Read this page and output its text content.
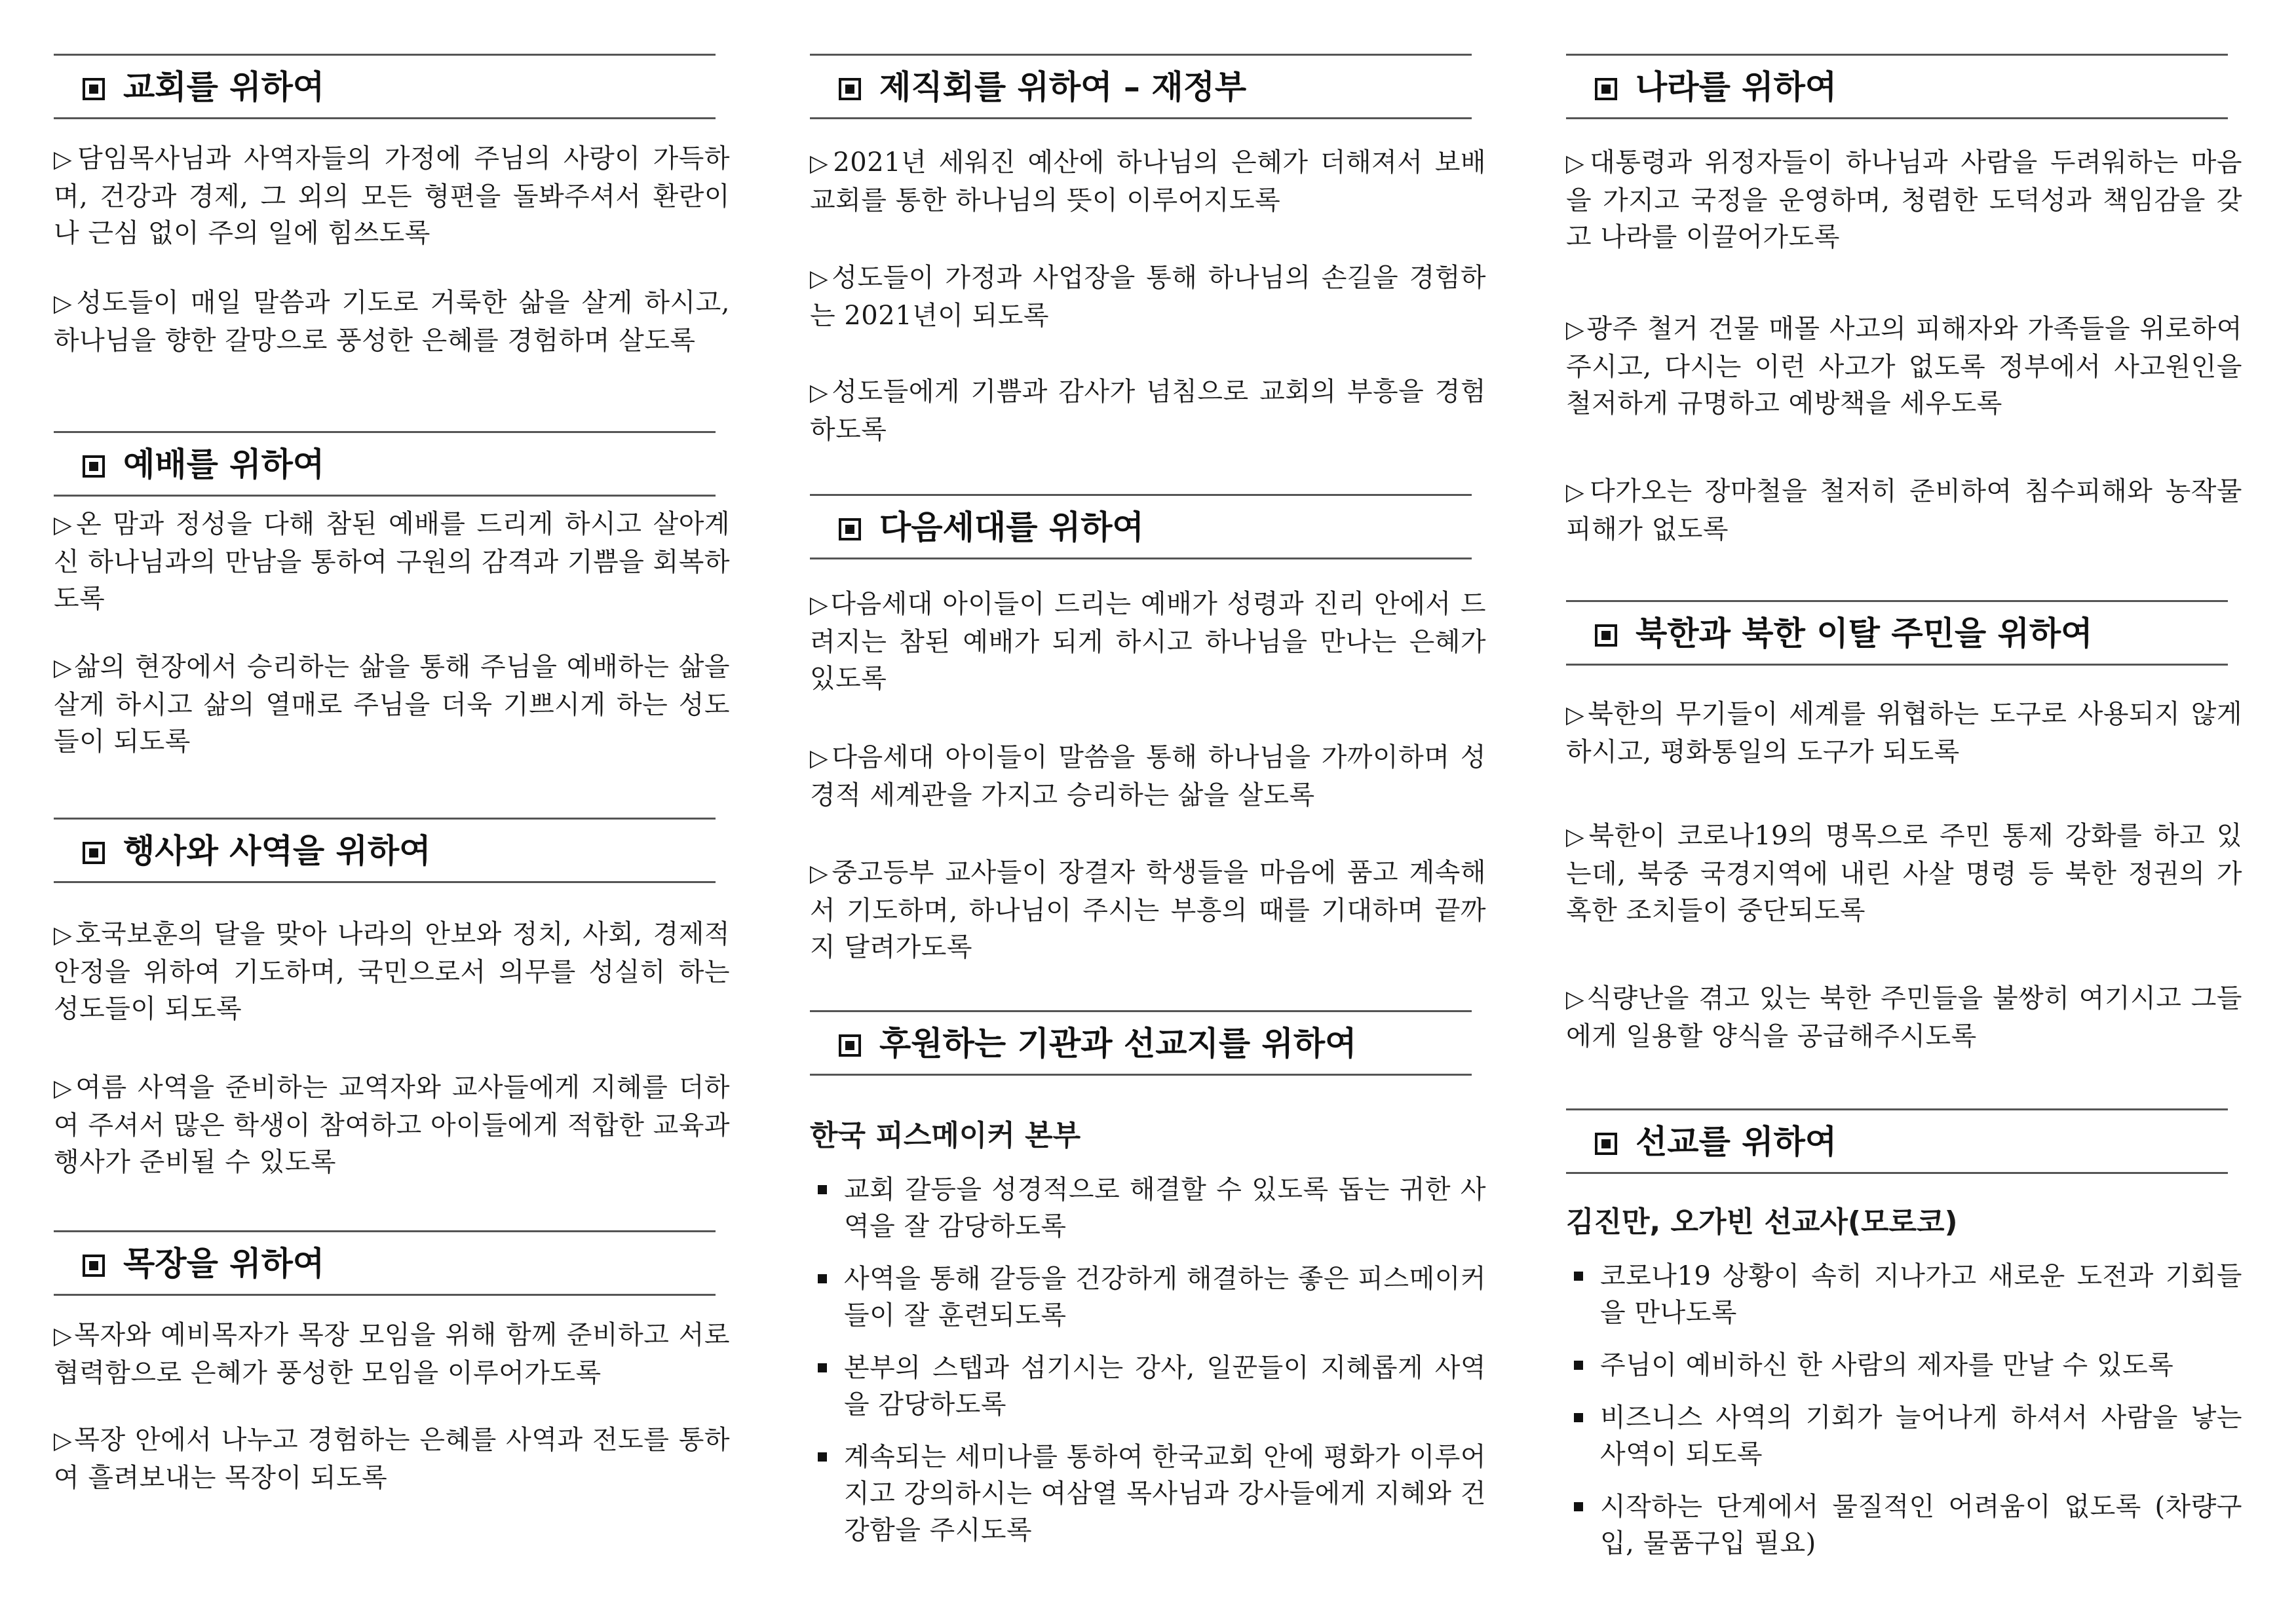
교회를 위하여

▷담임목사님과 사역자들의 가정에 주님의 사랑이 가득하며, 건강과 경제, 그 외의 모든 형편을 돌봐주셔서 환란이나 근심 없이 주의 일에 힘쓰도록

▷성도들이 매일 말씀과 기도로 거룩한 삶을 살게 하시고, 하나님을 향한 갈망으로 풍성한 은혜를 경험하며 살도록

예배를 위하여

▷온 맘과 정성을 다해 참된 예배를 드리게 하시고 살아계신 하나님과의 만남을 통하여 구원의 감격과 기쁨을 회복하도록

▷삶의 현장에서 승리하는 삶을 통해 주님을 예배하는 삶을 살게 하시고 삶의 열매로 주님을 더욱 기쁘시게 하는 성도들이 되도록

행사와 사역을 위하여

▷호국보훈의 달을 맞아 나라의 안보와 정치, 사회, 경제적 안정을 위하여 기도하며, 국민으로서 의무를 성실히 하는 성도들이 되도록

▷여름 사역을 준비하는 교역자와 교사들에게 지혜를 더하여 주셔서 많은 학생이 참여하고 아이들에게 적합한 교육과 행사가 준비될 수 있도록

목장을 위하여

▷목자와 예비목자가 목장 모임을 위해 함께 준비하고 서로 협력함으로 은혜가 풍성한 모임을 이루어가도록

▷목장 안에서 나누고 경험하는 은혜를 사역과 전도를 통하여 흘려보내는 목장이 되도록

제직회를 위하여 – 재정부

▷2021년 세워진 예산에 하나님의 은혜가 더해져서 보배교회를 통한 하나님의 뜻이 이루어지도록

▷성도들이 가정과 사업장을 통해 하나님의 손길을 경험하는 2021년이 되도록

▷성도들에게 기쁨과 감사가 넘침으로 교회의 부흥을 경험하도록

다음세대를 위하여

▷다음세대 아이들이 드리는 예배가 성령과 진리 안에서 드려지는 참된 예배가 되게 하시고 하나님을 만나는 은혜가 있도록

▷다음세대 아이들이 말씀을 통해 하나님을 가까이하며 성경적 세계관을 가지고 승리하는 삶을 살도록

▷중고등부 교사들이 장결자 학생들을 마음에 품고 계속해서 기도하며, 하나님이 주시는 부흥의 때를 기대하며 끝까지 달려가도록

후원하는 기관과 선교지를 위하여
한국 피스메이커 본부
교회 갈등을 성경적으로 해결할 수 있도록 돕는 귀한 사역을 잘 감당하도록
사역을 통해 갈등을 건강하게 해결하는 좋은 피스메이커들이 잘 훈련되도록
본부의 스텝과 섬기시는 강사, 일꾼들이 지혜롭게 사역을 감당하도록
계속되는 세미나를 통하여 한국교회 안에 평화가 이루어지고 강의하시는 여삼열 목사님과 강사들에게 지혜와 건강함을 주시도록
나라를 위하여

▷대통령과 위정자들이 하나님과 사람을 두려워하는 마음을 가지고 국정을 운영하며, 청렴한 도덕성과 책임감을 갖고 나라를 이끌어가도록

▷광주 철거 건물 매몰 사고의 피해자와 가족들을 위로하여 주시고, 다시는 이런 사고가 없도록 정부에서 사고원인을 철저하게 규명하고 예방책을 세우도록

▷다가오는 장마철을 철저히 준비하여 침수피해와 농작물 피해가 없도록

북한과 북한 이탈 주민을 위하여

▷북한의 무기들이 세계를 위협하는 도구로 사용되지 않게 하시고, 평화통일의 도구가 되도록

▷북한이 코로나19의 명목으로 주민 통제 강화를 하고 있는데, 북중 국경지역에 내린 사살 명령 등 북한 정권의 가혹한 조치들이 중단되도록

▷식량난을 겪고 있는 북한 주민들을 불쌍히 여기시고 그들에게 일용할 양식을 공급해주시도록

선교를 위하여
김진만, 오가빈 선교사(모로코)
코로나19 상황이 속히 지나가고 새로운 도전과 기회들을 만나도록
주님이 예비하신 한 사람의 제자를 만날 수 있도록
비즈니스 사역의 기회가 늘어나게 하셔서 사람을 낳는 사역이 되도록
시작하는 단계에서 물질적인 어려움이 없도록 (차량구입, 물품구입 필요)
